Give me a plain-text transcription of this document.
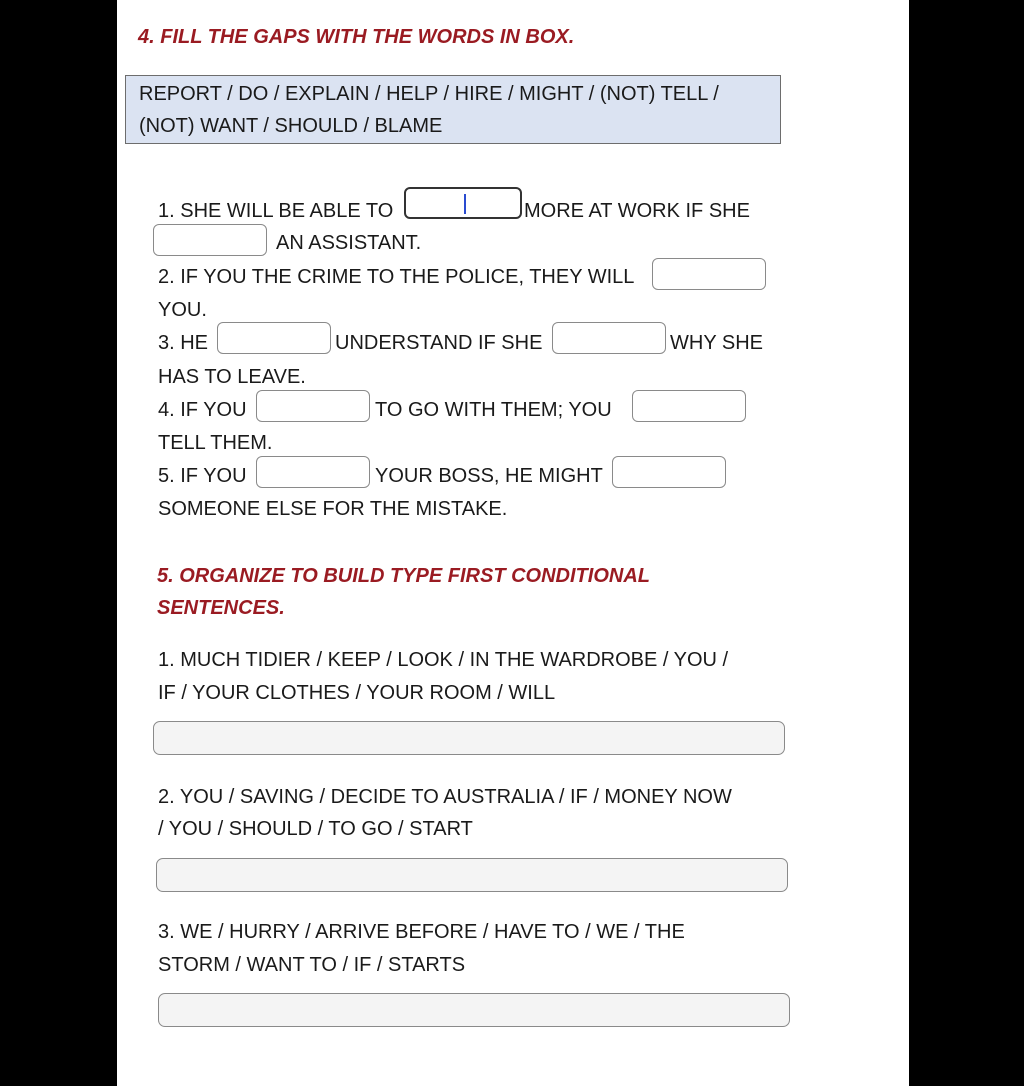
4. FILL THE GAPS WITH THE WORDS IN BOX.
REPORT / DO / EXPLAIN / HELP / HIRE / MIGHT / (NOT) TELL /
(NOT) WANT / SHOULD / BLAME
1. SHE WILL BE ABLE TO	MORE AT WORK IF SHE
AN ASSISTANT.
2. IF YOU THE CRIME TO THE POLICE, THEY WILL
YOU.
3. HE	UNDERSTAND IF SHE	WHY SHE
HAS TO LEAVE.
4. IF YOU	TO GO WITH THEM; YOU
TELL THEM.
5. IF YOU	YOUR BOSS, HE MIGHT
SOMEONE ELSE FOR THE MISTAKE.
5. ORGANIZE TO BUILD TYPE FIRST CONDITIONAL
SENTENCES.
1. MUCH TIDIER / KEEP / LOOK / IN THE WARDROBE / YOU /
IF / YOUR CLOTHES / YOUR ROOM / WILL
2. YOU / SAVING / DECIDE TO AUSTRALIA / IF / MONEY NOW
/ YOU / SHOULD / TO GO / START
3. WE / HURRY / ARRIVE BEFORE / HAVE TO / WE / THE
STORM / WANT TO / IF / STARTS
